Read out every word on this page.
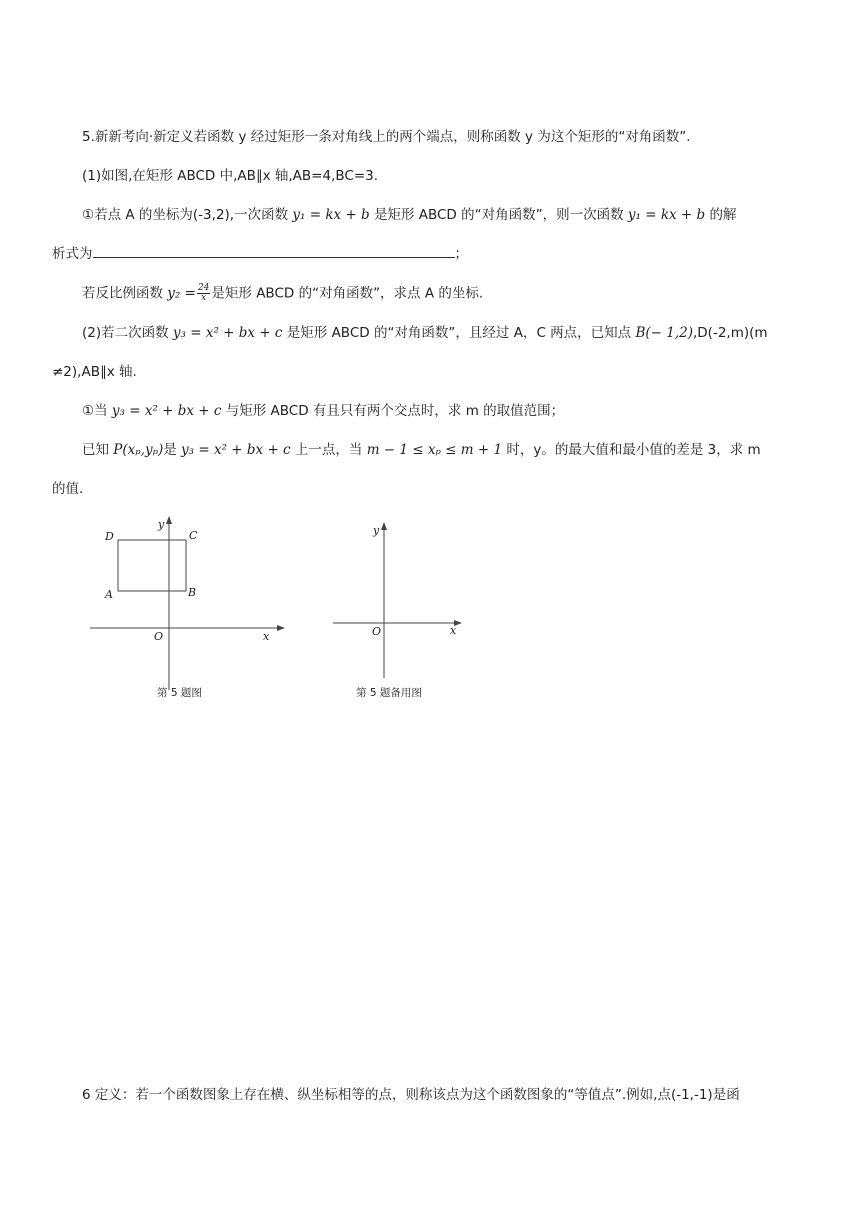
5.新新考向·新定义若函数 y 经过矩形一条对角线上的两个端点，则称函数 y 为这个矩形的“对角函数”.
(1)如图,在矩形 ABCD 中,AB∥x 轴,AB=4,BC=3.
①若点 A 的坐标为(-3,2),一次函数 y₁ = kx + b 是矩形 ABCD 的“对角函数”，则一次函数 y₁ = kx + b 的解
析式为	；
若反比例函数 $y_2 = \frac{24}{x}$ 是矩形 ABCD 的“对角函数”，求点 A 的坐标.
(2)若二次函数 y₃ = x² + bx + c 是矩形 ABCD 的“对角函数”，且经过 A，C 两点，已知点 B(− 1,2),D(-2,m)(m
≠2),AB∥x 轴.
①当 y₃ = x² + bx + c 与矩形 ABCD 有且只有两个交点时，求 m 的取值范围；
已知 P(xₚ,yₚ)是 y₃ = x² + bx + c 上一点，当 m − 1 ≤ xₚ ≤ m + 1 时，y。的最大值和最小值的差是 3，求 m
的值.
D	C
A	B
O	x
y
第 5 题图
O	x
y
第 5 题备用图
6 定义：若一个函数图象上存在横、纵坐标相等的点，则称该点为这个函数图象的“等值点”.例如,点(-1,-1)是函
